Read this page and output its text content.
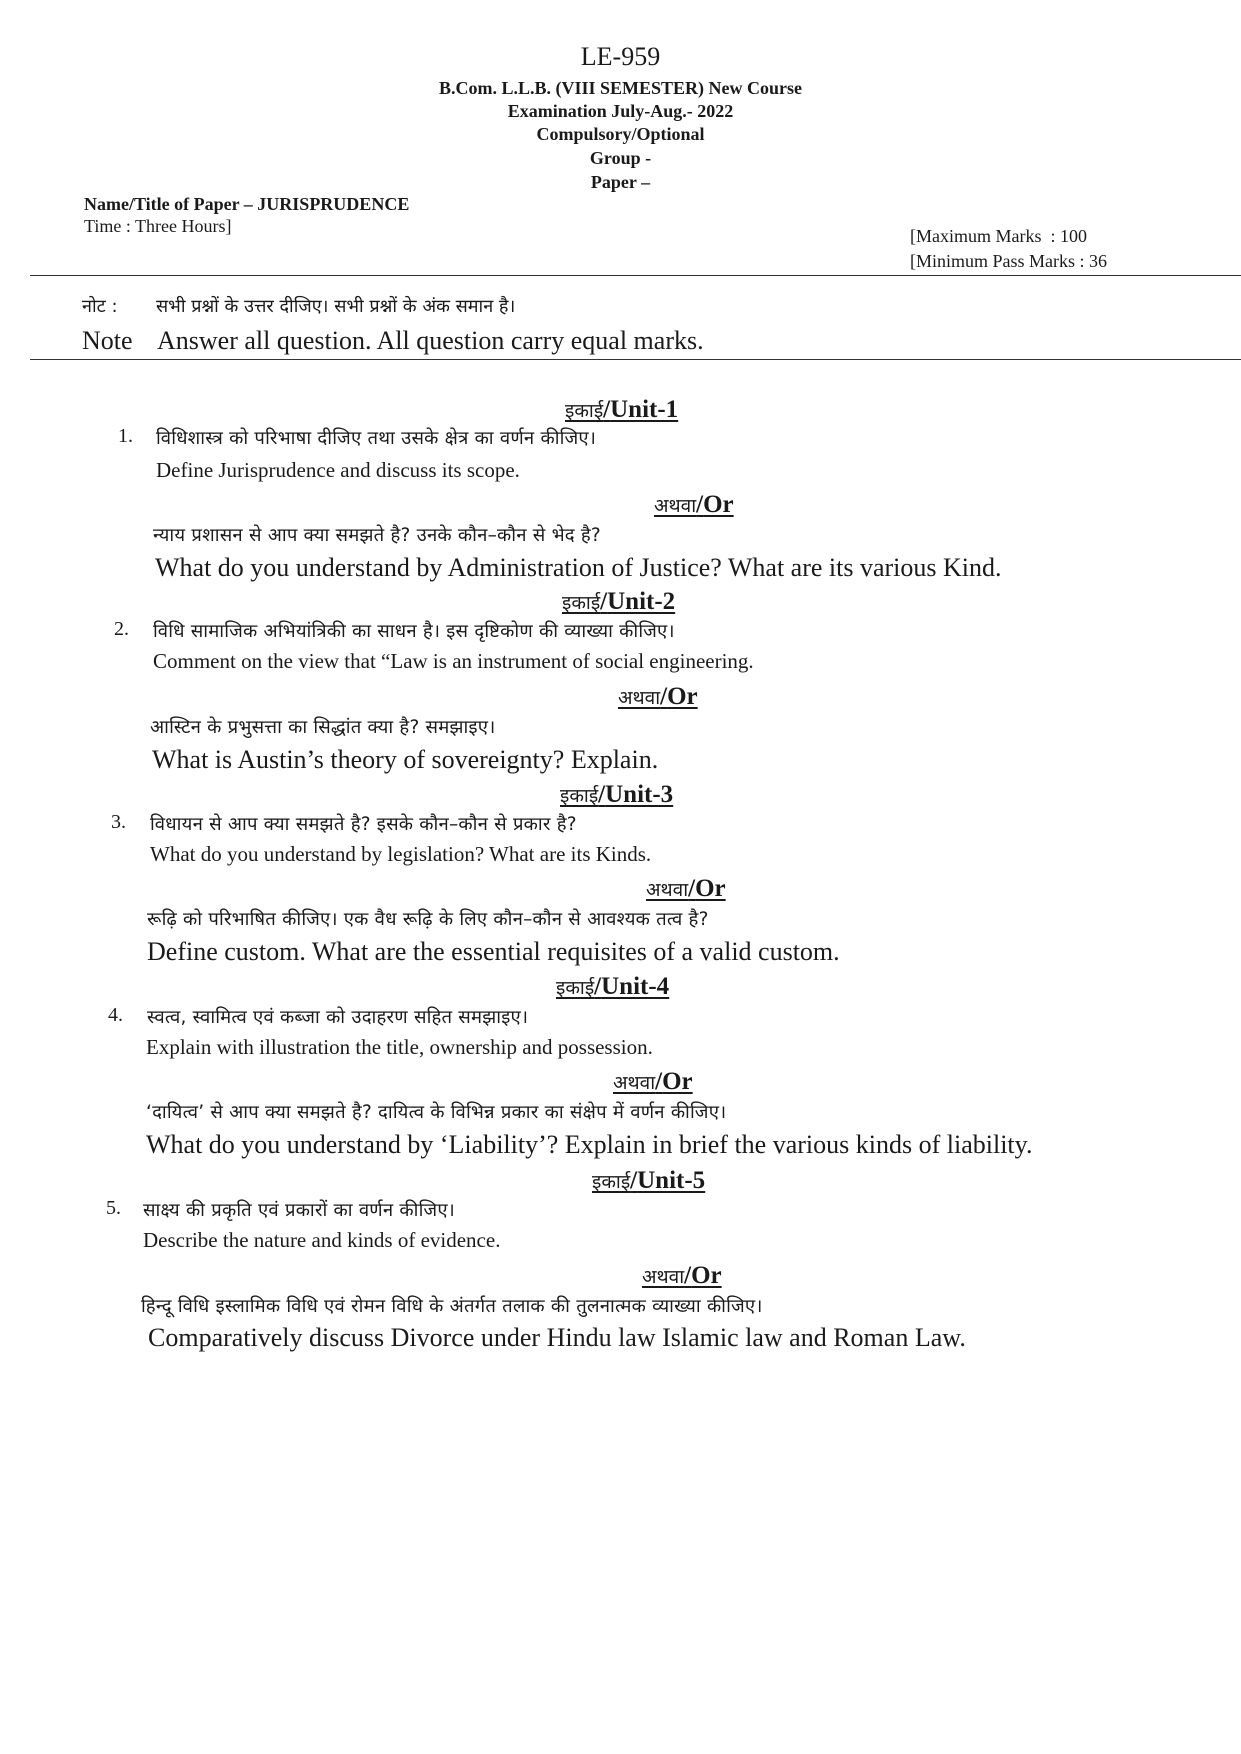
LE-959
B.Com. L.L.B. (VIII SEMESTER) New Course
Examination July-Aug.- 2022
Compulsory/Optional
Group -
Paper –
Name/Title of Paper – JURISPRUDENCE
Time : Three Hours]	[Maximum Marks  : 100
[Minimum Pass Marks : 36
नोट : सभी प्रश्नों के उत्तर दीजिए। सभी प्रश्नों के अंक समान है।
Note Answer all question. All question carry equal marks.
इकाई/Unit-1
1. विधिशास्त्र को परिभाषा दीजिए तथा उसके क्षेत्र का वर्णन कीजिए।
Define Jurisprudence and discuss its scope.
अथवा/Or
न्याय प्रशासन से आप क्या समझते है? उनके कौन–कौन से भेद है?
What do you understand by Administration of Justice? What are its various Kind.
इकाई/Unit-2
2. विधि सामाजिक अभियांत्रिकी का साधन है। इस दृष्टिकोण की व्याख्या कीजिए।
Comment on the view that “Law is an instrument of social engineering.
अथवा/Or
आस्टिन के प्रभुसत्ता का सिद्धांत क्या है? समझाइए।
What is Austin’s theory of sovereignty? Explain.
इकाई/Unit-3
3. विधायन से आप क्या समझते है? इसके कौन–कौन से प्रकार है?
What do you understand by legislation? What are its Kinds.
अथवा/Or
रूढ़ि को परिभाषित कीजिए। एक वैध रूढ़ि के लिए कौन–कौन से आवश्यक तत्व है?
Define custom. What are the essential requisites of a valid custom.
इकाई/Unit-4
4. स्वत्व, स्वामित्व एवं कब्जा को उदाहरण सहित समझाइए।
Explain with illustration the title, ownership and possession.
अथवा/Or
‘दायित्व’ से आप क्या समझते है? दायित्व के विभिन्न प्रकार का संक्षेप में वर्णन कीजिए।
What do you understand by ‘Liability’? Explain in brief the various kinds of liability.
इकाई/Unit-5
5. साक्ष्य की प्रकृति एवं प्रकारों का वर्णन कीजिए।
Describe the nature and kinds of evidence.
अथवा/Or
हिन्दू विधि इस्लामिक विधि एवं रोमन विधि के अंतर्गत तलाक की तुलनात्मक व्याख्या कीजिए।
Comparatively discuss Divorce under Hindu law Islamic law and Roman Law.
